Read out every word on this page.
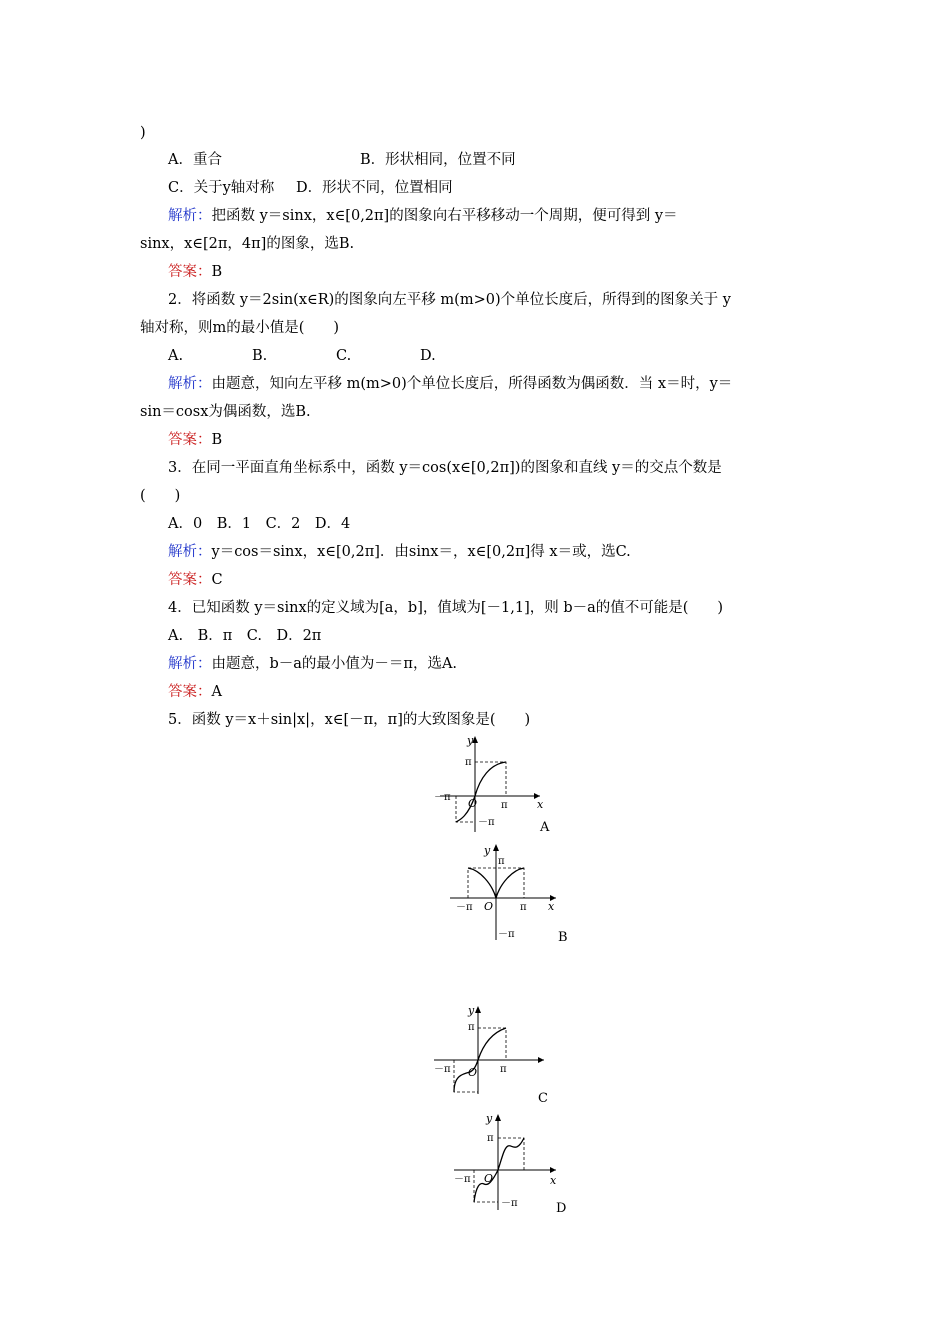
)
A．重合	B．形状相同，位置不同
C．关于y轴对称 D．形状不同，位置相同
解析：把函数 y＝sinx，x∈[0,2π]的图象向右平移移动一个周期，便可得到 y＝
sinx，x∈[2π，4π]的图象，选B.
答案：B
2．将函数 y＝2sin(x∈R)的图象向左平移 m(m>0)个单位长度后，所得到的图象关于 y
轴对称，则m的最小值是(　　)
A.	B.	C.	D.
解析：由题意，知向左平移 m(m>0)个单位长度后，所得函数为偶函数．当 x＝时，y＝
sin＝cosx为偶函数，选B.
答案：B
3．在同一平面直角坐标系中，函数 y＝cos(x∈[0,2π])的图象和直线 y＝的交点个数是
(　　)
A．0　B．1　C．2　D．4
解析：y＝cos＝sinx，x∈[0,2π]．由sinx＝，x∈[0,2π]得 x＝或，选C.
答案：C
4．已知函数 y＝sinx的定义域为[a，b]，值域为[－1,1]，则 b－a的值不可能是(　　)
A.　B．π　C.　D．2π
解析：由题意，b－a的最小值为－＝π，选A.
答案：A
5．函数 y＝x＋sin|x|，x∈[－π，π]的大致图象是(　　)
y
x
O
π
π
－π
－π	A
y
x
O
π
π
－π
－π	B
y
π
π
－π O
C
y
x
O
π
－π
－π	D
